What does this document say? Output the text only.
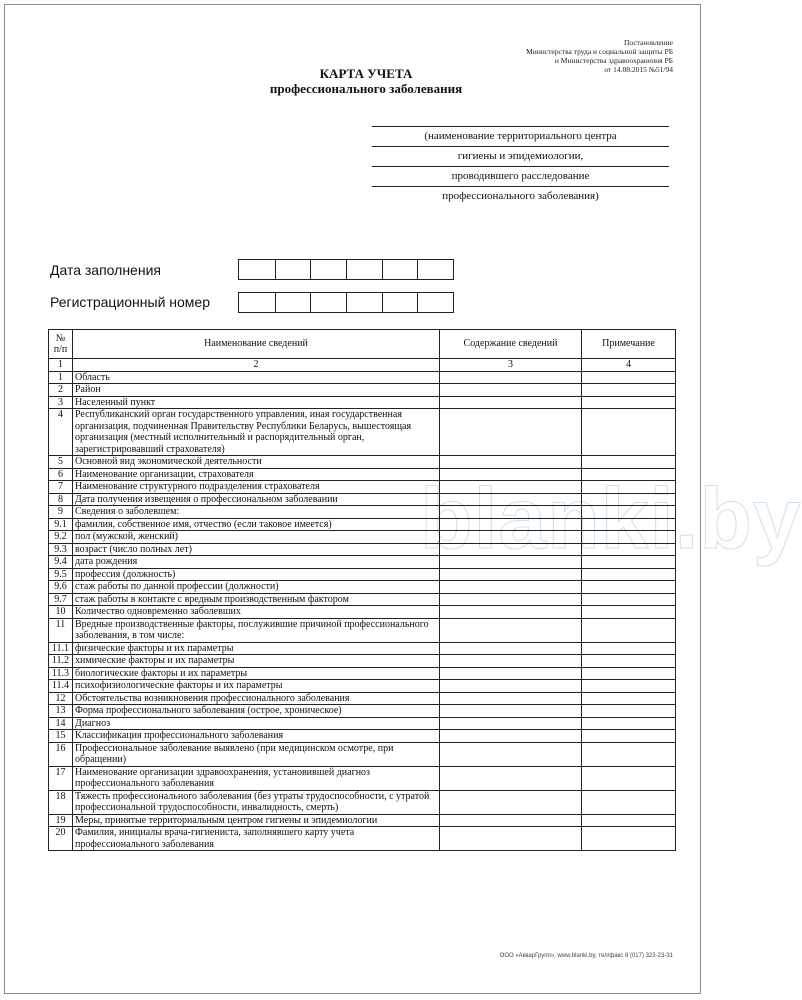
Постановление
Министерства труда и социальной защиты РБ
и Министерства здравоохранения РБ
от 14.08.2015 №51/94
КАРТА УЧЕТА
профессионального заболевания
(наименование территориального центра
гигиены и эпидемиологии,
проводившего расследование
профессионального заболевания)
Дата заполнения
Регистрационный номер
№ п/п	Наименование сведений	Содержание сведений	Примечание
1	2	3	4
1	Область		
2	Район		
3	Населенный пункт		
4	Республиканский орган государственного управления, иная государственная организация, подчиненная Правительству Республики Беларусь, вышестоящая организация (местный исполнительный и распорядительный орган, зарегистрировавший страхователя)		
5	Основной вид экономической деятельности		
6	Наименование организации, страхователя		
7	Наименование структурного подразделения страхователя		
8	Дата получения извещения о профессиональном заболевании		
9	Сведения о заболевшем:		
9.1	фамилия, собственное имя, отчество (если таковое имеется)		
9.2	пол (мужской, женский)		
9.3	возраст (число полных лет)		
9.4	дата рождения		
9.5	профессия (должность)		
9.6	стаж работы по данной профессии (должности)		
9.7	стаж работы в контакте с вредным производственным фактором		
10	Количество одновременно заболевших		
11	Вредные производственные факторы, послужившие причиной профессионального заболевания, в том числе:		
11.1	физические факторы и их параметры		
11.2	химические факторы и их параметры		
11.3	биологические факторы и их параметры		
11.4	психофизиологические факторы и их параметры		
12	Обстоятельства возникновения профессионального заболевания		
13	Форма профессионального заболевания (острое, хроническое)		
14	Диагноз		
15	Классификация профессионального заболевания		
16	Профессиональное заболевание выявлено (при медицинском осмотре, при обращении)		
17	Наименование организации здравоохранения, установившей диагноз профессионального заболевания		
18	Тяжесть профессионального заболевания (без утраты трудоспособности, с утратой профессиональной трудоспособности, инвалидность, смерть)		
19	Меры, принятые территориальным центром гигиены и эпидемиологии		
20	Фамилия, инициалы врача-гигиениста, заполнявшего карту учета профессионального заболевания		
ООО «АкварГрупп», www.blanki.by, тел/факс 8 (017) 323-23-31
